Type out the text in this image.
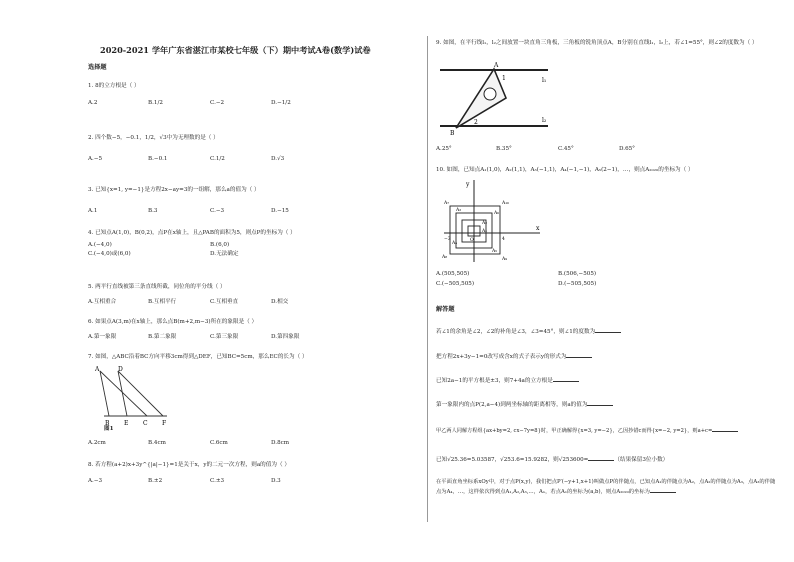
2020-2021 学年广东省湛江市某校七年级（下）期中考试A卷(数学)试卷
选择题
1. 8的立方根是（ ）
A.2	B.1/2	C.−2	D.−1/2
2. 四个数−5，−0.1，1/2，√3中为无理数的是（ ）
A.−5	B.−0.1	C.1/2	D.√3
3. 已知{x=1, y=−1}是方程2x−ay=3的一组解，那么a的值为（ ）
A.1	B.3	C.−3	D.−15
4. 已知点A(1,0)，B(0,2)，点P在x轴上，且△PAB的面积为5，则点P的坐标为（ ）
A.(−4,0)	B.(6,0)
C.(−4,0)或(6,0)	D.无法确定
5. 两平行直线被第三条直线所截，同位角的平分线（ ）
A.互相重合	B.互相平行	C.互相垂直	D.相交
6. 如果点A(3,m)在x轴上，那么点B(m+2,m−3)所在的象限是（ ）
A.第一象限	B.第二象限	C.第三象限	D.第四象限
7. 如图，△ABC沿着BC方向平移3cm得到△DEF，已知BC=5cm，那么EC的长为（ ）
A	D
B E C F
图1
A.2cm	B.4cm	C.6cm	D.8cm
8. 若方程(a+2)x+3y^{|a|−1}=1是关于x，y的二元一次方程，则a的值为（ ）
A.−3	B.±2	C.±3	D.3
9. 如图，在平行线l₁，l₂之间放置一块直角三角板，三角板的锐角顶点A，B分别在直线l₁，l₂上，若∠1=55°，则∠2的度数为（ ）
A
B
1
2
l₁
l₂
A.25°	B.35°	C.45°	D.65°
10. 如图，已知点A₁(1,0)，A₂(1,1)，A₃(−1,1)，A₄(−1,−1)，A₅(2−1)，…，则点A₂₀₂₀的坐标为（ ）
y
x
O
A₁₀
A₇
A₃
A₂
A₁
A₄
A₅
A₈	A₉
A₆
4
−3
A.(505,505)	B.(506,−505)
C.(−505,505)	D.(−505,505)
解答题
若∠1的余角是∠2，∠2的补角是∠3，∠3=45°，则∠1的度数为
把方程2x+3y−1=0改写成含x的式子表示y的形式为
已知2a−1的平方根是±3，则7+4a的立方根是
第一象限内的点P(2,a−4)到两坐标轴的距离相等，则a的值为
甲乙两人同解方程组{ax+by=2, cx−7y=8}时，甲正确解得{x=3, y=−2}，乙因抄错c而得{x=−2, y=2}，则a+c=
已知√25.36=5.03587，√253.6=15.9282，则√253600=	（结果保留3位小数）
在平面直角坐标系xOy中，对于点P(x,y)，我们把点P′(−y+1,x+1)叫做点P的伴随点，已知点A₁的伴随点为A₂，点A₂的伴随点为A₃，点A₃的伴随点为A₄，…，这样依次得到点A₁,A₂,A₃,…，Aₙ，若点A₁的坐标为(a,b)，则点A₂₀₂₀的坐标为
